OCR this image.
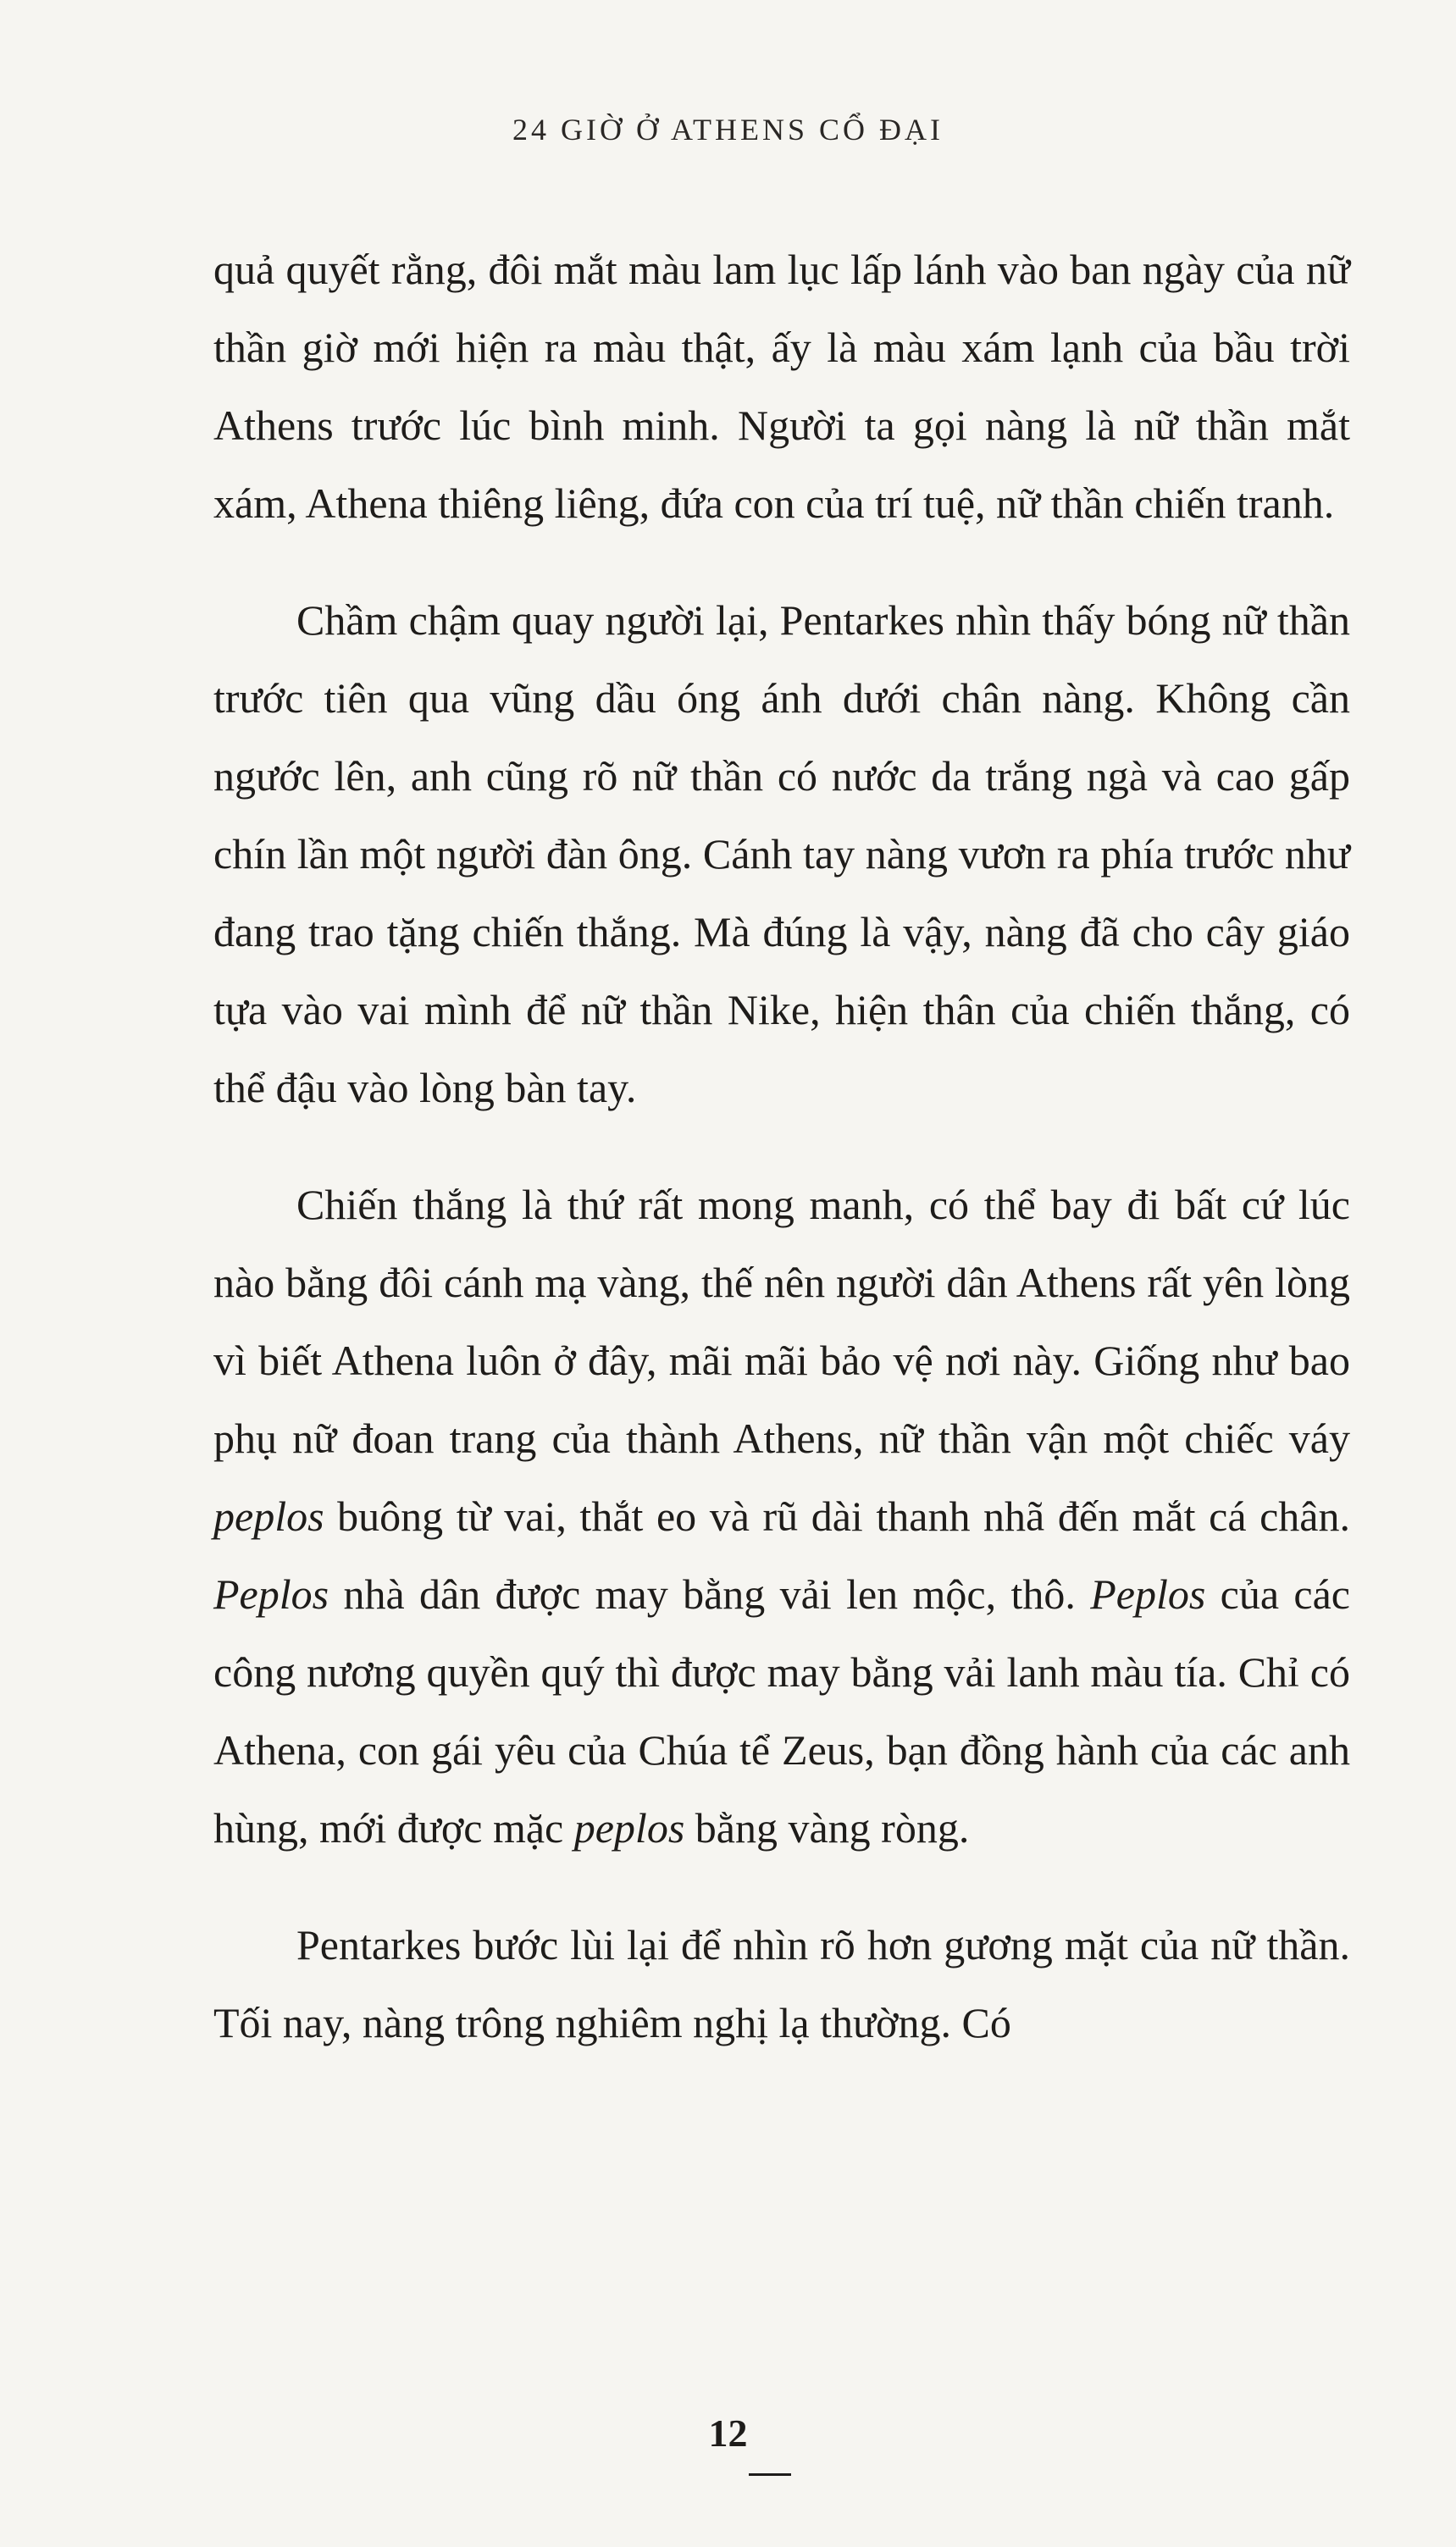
24 GIỜ Ở ATHENS CỔ ĐẠI

quả quyết rằng, đôi mắt màu lam lục lấp lánh vào ban ngày của nữ thần giờ mới hiện ra màu thật, ấy là màu xám lạnh của bầu trời Athens trước lúc bình minh. Người ta gọi nàng là nữ thần mắt xám, Athena thiêng liêng, đứa con của trí tuệ, nữ thần chiến tranh.

Chầm chậm quay người lại, Pentarkes nhìn thấy bóng nữ thần trước tiên qua vũng dầu óng ánh dưới chân nàng. Không cần ngước lên, anh cũng rõ nữ thần có nước da trắng ngà và cao gấp chín lần một người đàn ông. Cánh tay nàng vươn ra phía trước như đang trao tặng chiến thắng. Mà đúng là vậy, nàng đã cho cây giáo tựa vào vai mình để nữ thần Nike, hiện thân của chiến thắng, có thể đậu vào lòng bàn tay.

Chiến thắng là thứ rất mong manh, có thể bay đi bất cứ lúc nào bằng đôi cánh mạ vàng, thế nên người dân Athens rất yên lòng vì biết Athena luôn ở đây, mãi mãi bảo vệ nơi này. Giống như bao phụ nữ đoan trang của thành Athens, nữ thần vận một chiếc váy peplos buông từ vai, thắt eo và rũ dài thanh nhã đến mắt cá chân. Peplos nhà dân được may bằng vải len mộc, thô. Peplos của các công nương quyền quý thì được may bằng vải lanh màu tía. Chỉ có Athena, con gái yêu của Chúa tể Zeus, bạn đồng hành của các anh hùng, mới được mặc peplos bằng vàng ròng.

Pentarkes bước lùi lại để nhìn rõ hơn gương mặt của nữ thần. Tối nay, nàng trông nghiêm nghị lạ thường. Có

12
